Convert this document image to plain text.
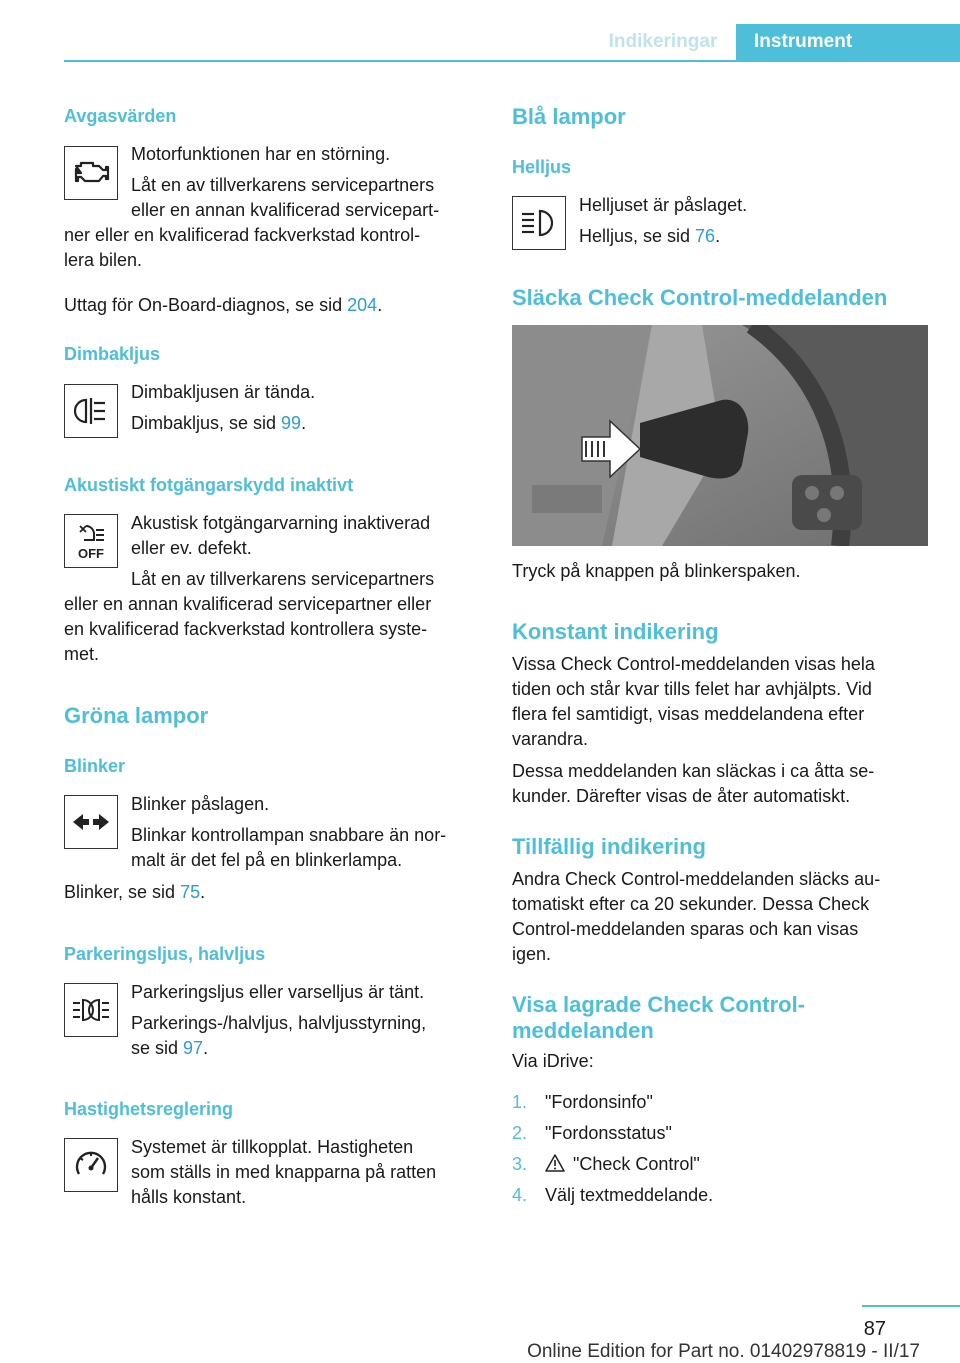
Indikeringar	Instrument
Avgasvärden
Motorfunktionen har en störning.
Låt en av tillverkarens servicepartners
eller en annan kvalificerad servicepart‐
ner eller en kvalificerad fackverkstad kontrol‐
lera bilen.
Uttag för On-Board-diagnos, se sid 204.
Dimbakljus
Dimbakljusen är tända.
Dimbakljus, se sid 99.
Akustiskt fotgängarskydd inaktivt
OFF
Akustisk fotgängarvarning inaktiverad
eller ev. defekt.
Låt en av tillverkarens servicepartners
eller en annan kvalificerad servicepartner eller
en kvalificerad fackverkstad kontrollera syste‐
met.
Gröna lampor
Blinker
Blinker påslagen.
Blinkar kontrollampan snabbare än nor‐
malt är det fel på en blinkerlampa.
Blinker, se sid 75.
Parkeringsljus, halvljus
Parkeringsljus eller varselljus är tänt.
Parkerings-/halvljus, halvljusstyrning,
se sid 97.
Hastighetsreglering
Systemet är tillkopplat. Hastigheten
som ställs in med knapparna på ratten
hålls konstant.
Blå lampor
Helljus
Helljuset är påslaget.
Helljus, se sid 76.
Släcka Check Control-meddelanden
Tryck på knappen på blinkerspaken.
Konstant indikering
Vissa Check Control-meddelanden visas hela
tiden och står kvar tills felet har avhjälpts. Vid
flera fel samtidigt, visas meddelandena efter
varandra.
Dessa meddelanden kan släckas i ca åtta se‐
kunder. Därefter visas de åter automatiskt.
Tillfällig indikering
Andra Check Control-meddelanden släcks au‐
tomatiskt efter ca 20 sekunder. Dessa Check
Control-meddelanden sparas och kan visas
igen.
Visa lagrade Check Control-
meddelanden
Via iDrive:
1. "Fordonsinfo"
2. "Fordonsstatus"
3.	"Check Control"
4. Välj textmeddelande.
87
Online Edition for Part no. 01402978819 - II/17
